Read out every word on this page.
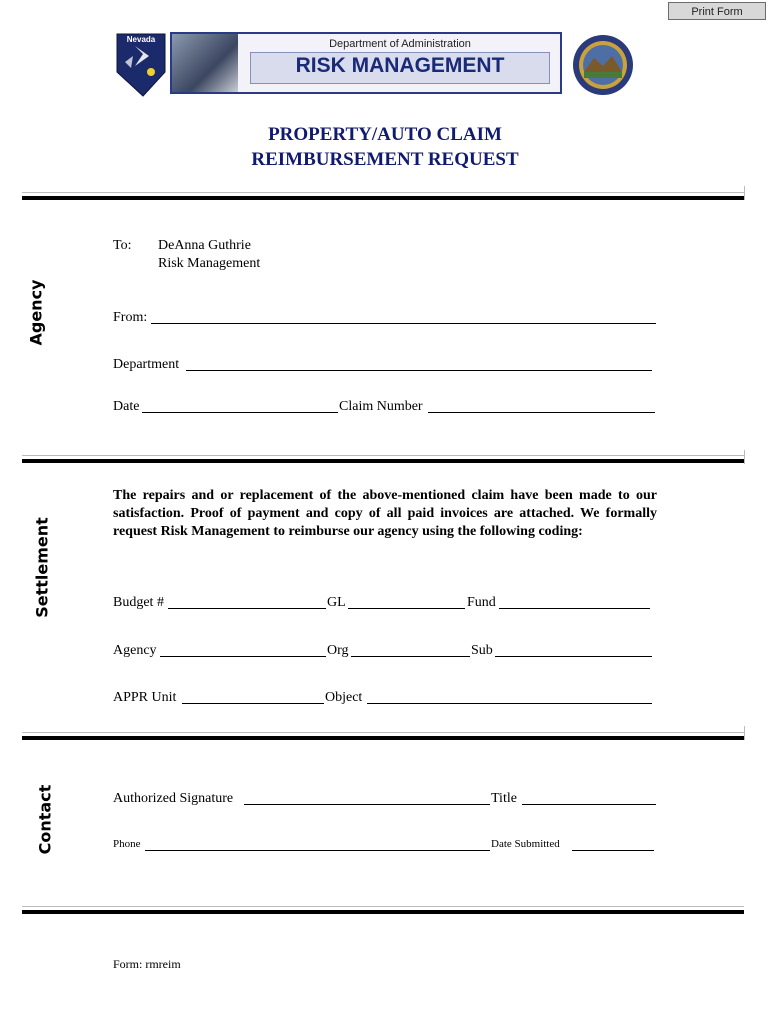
Print Form
Nevada	Department of Administration
RISK MANAGEMENT
PROPERTY/AUTO CLAIM
REIMBURSEMENT REQUEST
Agency
To: DeAnna Guthrie
Risk Management
From:
Department
Date	Claim Number
Settlement
The repairs and or replacement of the above-mentioned claim have been made to our satisfaction. Proof of payment and copy of all paid invoices are attached. We formally request Risk Management to reimburse our agency using the following coding:
Budget #	GL	Fund
Agency	Org	Sub
APPR Unit	Object
Contact	Authorized Signature	Title
Phone	Date Submitted
Form: rmreim
